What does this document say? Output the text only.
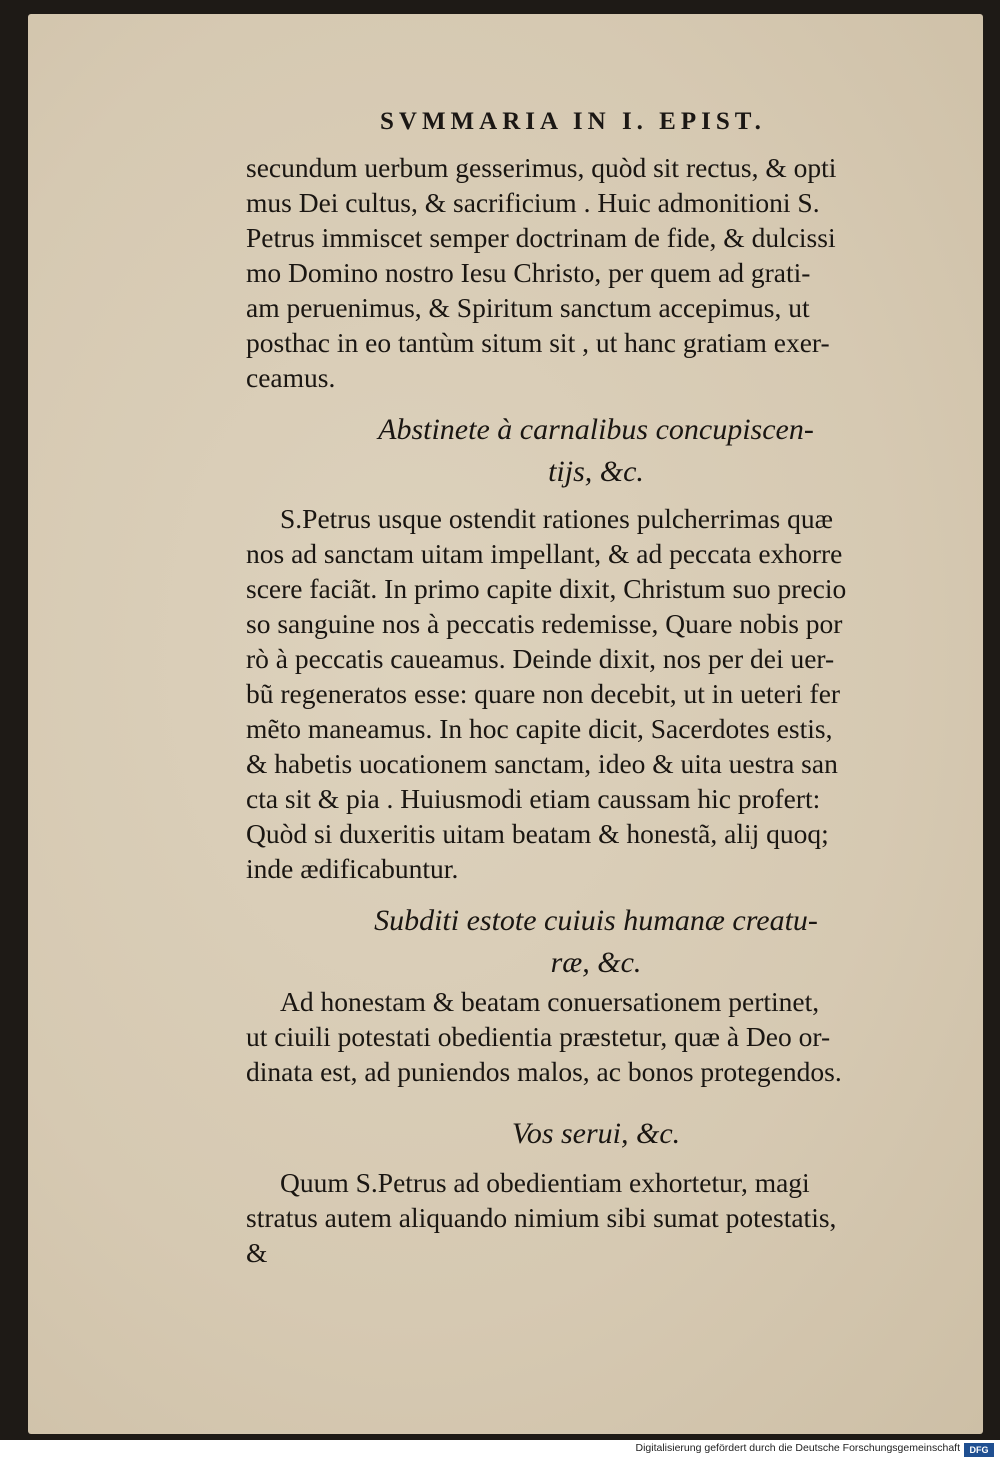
SVMMARIA IN I. EPIST.

secundum uerbum gesserimus, quòd sit rectus, & opti
mus Dei cultus, & sacrificium . Huic admonitioni S.
Petrus immiscet semper doctrinam de fide, & dulcissi
mo Domino nostro Iesu Christo, per quem ad grati-
am peruenimus, & Spiritum sanctum accepimus, ut
posthac in eo tantùm situm sit , ut hanc gratiam exer-
ceamus.

Abstinete à carnalibus concupiscen-
tijs, &c.

S.Petrus usque ostendit rationes pulcherrimas quæ
nos ad sanctam uitam impellant, & ad peccata exhorre
scere faciãt. In primo capite dixit, Christum suo precio
so sanguine nos à peccatis redemisse, Quare nobis por
rò à peccatis caueamus. Deinde dixit, nos per dei uer-
bũ regeneratos esse: quare non decebit, ut in ueteri fer
mẽto maneamus. In hoc capite dicit, Sacerdotes estis,
& habetis uocationem sanctam, ideo & uita uestra san
cta sit & pia . Huiusmodi etiam caussam hic profert:
Quòd si duxeritis uitam beatam & honestã, alij quoq;
inde ædificabuntur.

Subditi estote cuiuis humanæ creatu-
ræ, &c.

Ad honestam & beatam conuersationem pertinet,
ut ciuili potestati obedientia præstetur, quæ à Deo or-
dinata est, ad puniendos malos, ac bonos protegendos.

Vos serui, &c.

Quum S.Petrus ad obedientiam exhortetur, magi
stratus autem aliquando nimium sibi sumat potestatis,

&
Digitalisierung gefördert durch die Deutsche Forschungsgemeinschaft	DFG
